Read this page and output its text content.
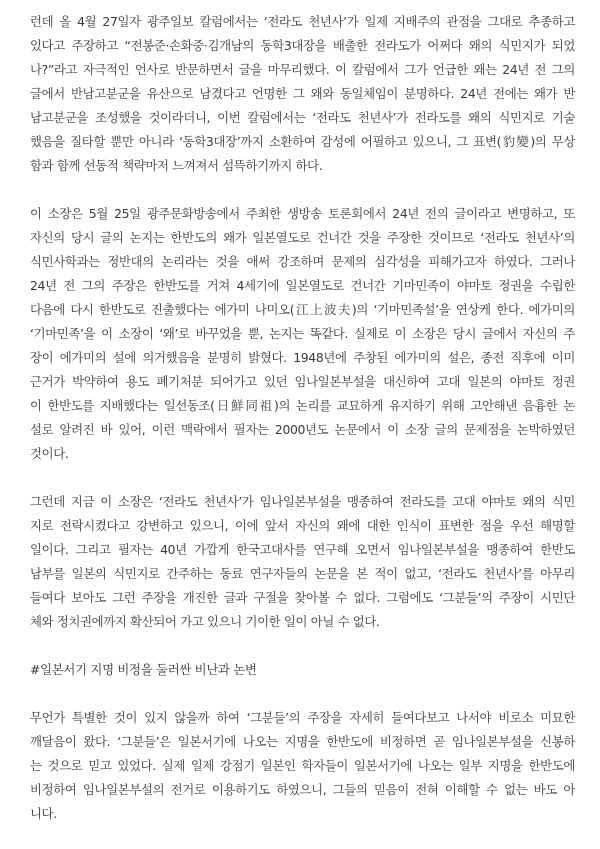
런데 올 4월 27일자 광주일보 칼럼에서는 ‘전라도 천년사’가 일제 지배주의 관점을 그대로 추종하고
있다고 주장하고 “전봉준·손화중·김개남의 동학3대장을 배출한 전라도가 어쩌다 왜의 식민지가 되었
나?”라고 자극적인 언사로 반문하면서 글을 마무리했다. 이 칼럼에서 그가 언급한 왜는 24년 전 그의
글에서 반남고분군을 유산으로 남겼다고 언명한 그 왜와 동일체임이 분명하다. 24년 전에는 왜가 반
남고분군을 조성했을 것이라더니, 이번 칼럼에서는 ‘전라도 천년사’가 전라도를 왜의 식민지로 기술
했음을 질타할 뿐만 아니라 ‘동학3대장’까지 소환하여 감성에 어필하고 있으니, 그 표변(豹變)의 무상
함과 함께 선동적 책략마저 느껴져서 섬뜩하기까지 하다.

이 소장은 5월 25일 광주문화방송에서 주최한 생방송 토론회에서 24년 전의 글이라고 변명하고, 또
자신의 당시 글의 논지는 한반도의 왜가 일본열도로 건너간 것을 주장한 것이므로 ‘전라도 천년사’의
식민사학과는 정반대의 논리라는 것을 애써 강조하며 문제의 심각성을 피해가고자 하였다. 그러나
24년 전 그의 주장은 한반도를 거쳐 4세기에 일본열도로 건너간 기마민족이 야마토 정권을 수립한
다음에 다시 한반도로 진출했다는 에가미 나미오(江上波夫)의 ‘기마민족설’을 연상케 한다. 에가미의
‘기마민족’을 이 소장이 ‘왜’로 바꾸었을 뿐, 논지는 똑같다. 실제로 이 소장은 당시 글에서 자신의 주
장이 에가미의 설에 의거했음을 분명히 밝혔다. 1948년에 주창된 에가미의 설은, 종전 직후에 이미
근거가 박약하여 용도 폐기처분 되어가고 있던 임나일본부설을 대신하여 고대 일본의 야마토 정권
이 한반도를 지배했다는 일선동조(日鮮同祖)의 논리를 교묘하게 유지하기 위해 고안해낸 음흉한 논
설로 알려진 바 있어, 이런 맥락에서 필자는 2000년도 논문에서 이 소장 글의 문제점을 논박하였던
것이다.

그런데 지금 이 소장은 ‘전라도 천년사’가 임나일본부설을 맹종하여 전라도를 고대 야마토 왜의 식민
지로 전락시켰다고 강변하고 있으니, 이에 앞서 자신의 왜에 대한 인식이 표변한 점을 우선 해명할
일이다. 그리고 필자는 40년 가깝게 한국고대사를 연구해 오면서 임나일본부설을 맹종하여 한반도
남부를 일본의 식민지로 간주하는 동료 연구자들의 논문을 본 적이 없고, ‘전라도 천년사’를 아무리
들여다 보아도 그런 주장을 개진한 글과 구절을 찾아볼 수 없다. 그럼에도 ‘그분들’의 주장이 시민단
체와 정치권에까지 확산되어 가고 있으니 기이한 일이 아닐 수 없다.

#일본서기 지명 비정을 둘러싼 비난과 논변

무언가 특별한 것이 있지 않을까 하여 ‘그분들’의 주장을 자세히 들여다보고 나서야 비로소 미묘한
깨달음이 왔다. ‘그분들’은 일본서기에 나오는 지명을 한반도에 비정하면 곧 임나일본부설을 신봉하
는 것으로 믿고 있었다. 실제 일제 강점기 일본인 학자들이 일본서기에 나오는 일부 지명을 한반도에
비정하여 임나일본부설의 전거로 이용하기도 하였으니, 그들의 믿음이 전혀 이해할 수 없는 바도 아
니다.
